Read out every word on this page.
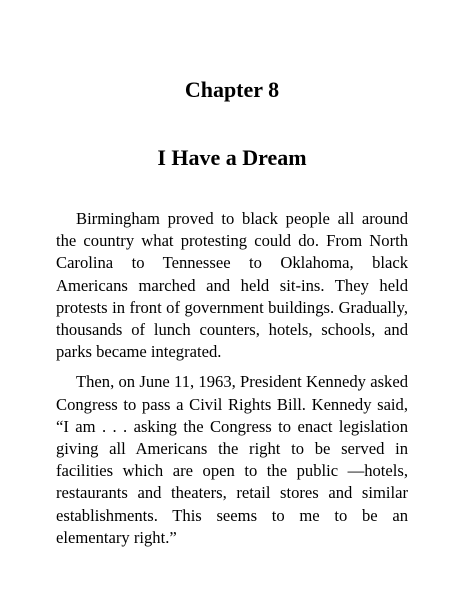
Chapter 8
I Have a Dream

Birmingham proved to black people all around the country what protesting could do. From North Carolina to Tennessee to Oklahoma, black Americans marched and held sit-ins. They held protests in front of government buildings. Gradually, thousands of lunch counters, hotels, schools, and parks became integrated.

Then, on June 11, 1963, President Kennedy asked Congress to pass a Civil Rights Bill. Kennedy said, “I am . . . asking the Congress to enact legislation giving all Americans the right to be served in facilities which are open to the public —hotels, restaurants and theaters, retail stores and similar establishments. This seems to me to be an elementary right.”
